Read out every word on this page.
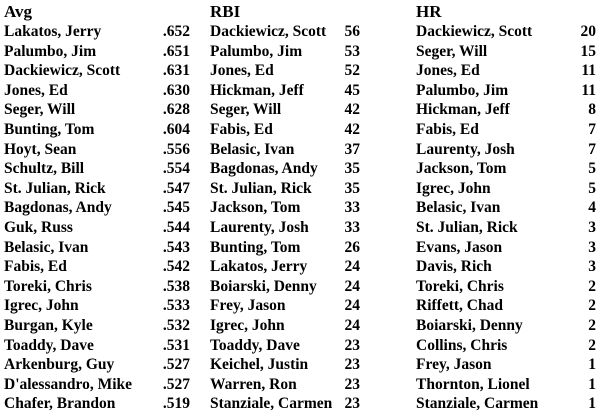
Avg
Lakatos, Jerry	.652
Palumbo, Jim	.651
Dackiewicz, Scott	.631
Jones, Ed	.630
Seger, Will	.628
Bunting, Tom	.604
Hoyt, Sean	.556
Schultz, Bill	.554
St. Julian, Rick	.547
Bagdonas, Andy	.545
Guk, Russ	.544
Belasic, Ivan	.543
Fabis, Ed	.542
Toreki, Chris	.538
Igrec, John	.533
Burgan, Kyle	.532
Toaddy, Dave	.531
Arkenburg, Guy	.527
D'alessandro, Mike .527
Chafer, Brandon	.519
RBI
Dackiewicz, Scott 56
Palumbo, Jim	53
Jones, Ed	52
Hickman, Jeff	45
Seger, Will	42
Fabis, Ed	42
Belasic, Ivan	37
Bagdonas, Andy 35
St. Julian, Rick 35
Jackson, Tom	33
Laurenty, Josh 33
Bunting, Tom	26
Lakatos, Jerry 24
Boiarski, Denny 24
Frey, Jason	24
Igrec, John	24
Toaddy, Dave	23
Keichel, Justin 23
Warren, Ron	23
Stanziale, Carmen 23
HR
Dackiewicz, Scott	20
Seger, Will	15
Jones, Ed	11
Palumbo, Jim	11
Hickman, Jeff	8
Fabis, Ed	7
Laurenty, Josh	7
Jackson, Tom	5
Igrec, John	5
Belasic, Ivan	4
St. Julian, Rick	3
Evans, Jason	3
Davis, Rich	3
Toreki, Chris	2
Riffett, Chad	2
Boiarski, Denny	2
Collins, Chris	2
Frey, Jason	1
Thornton, Lionel	1
Stanziale, Carmen	1
